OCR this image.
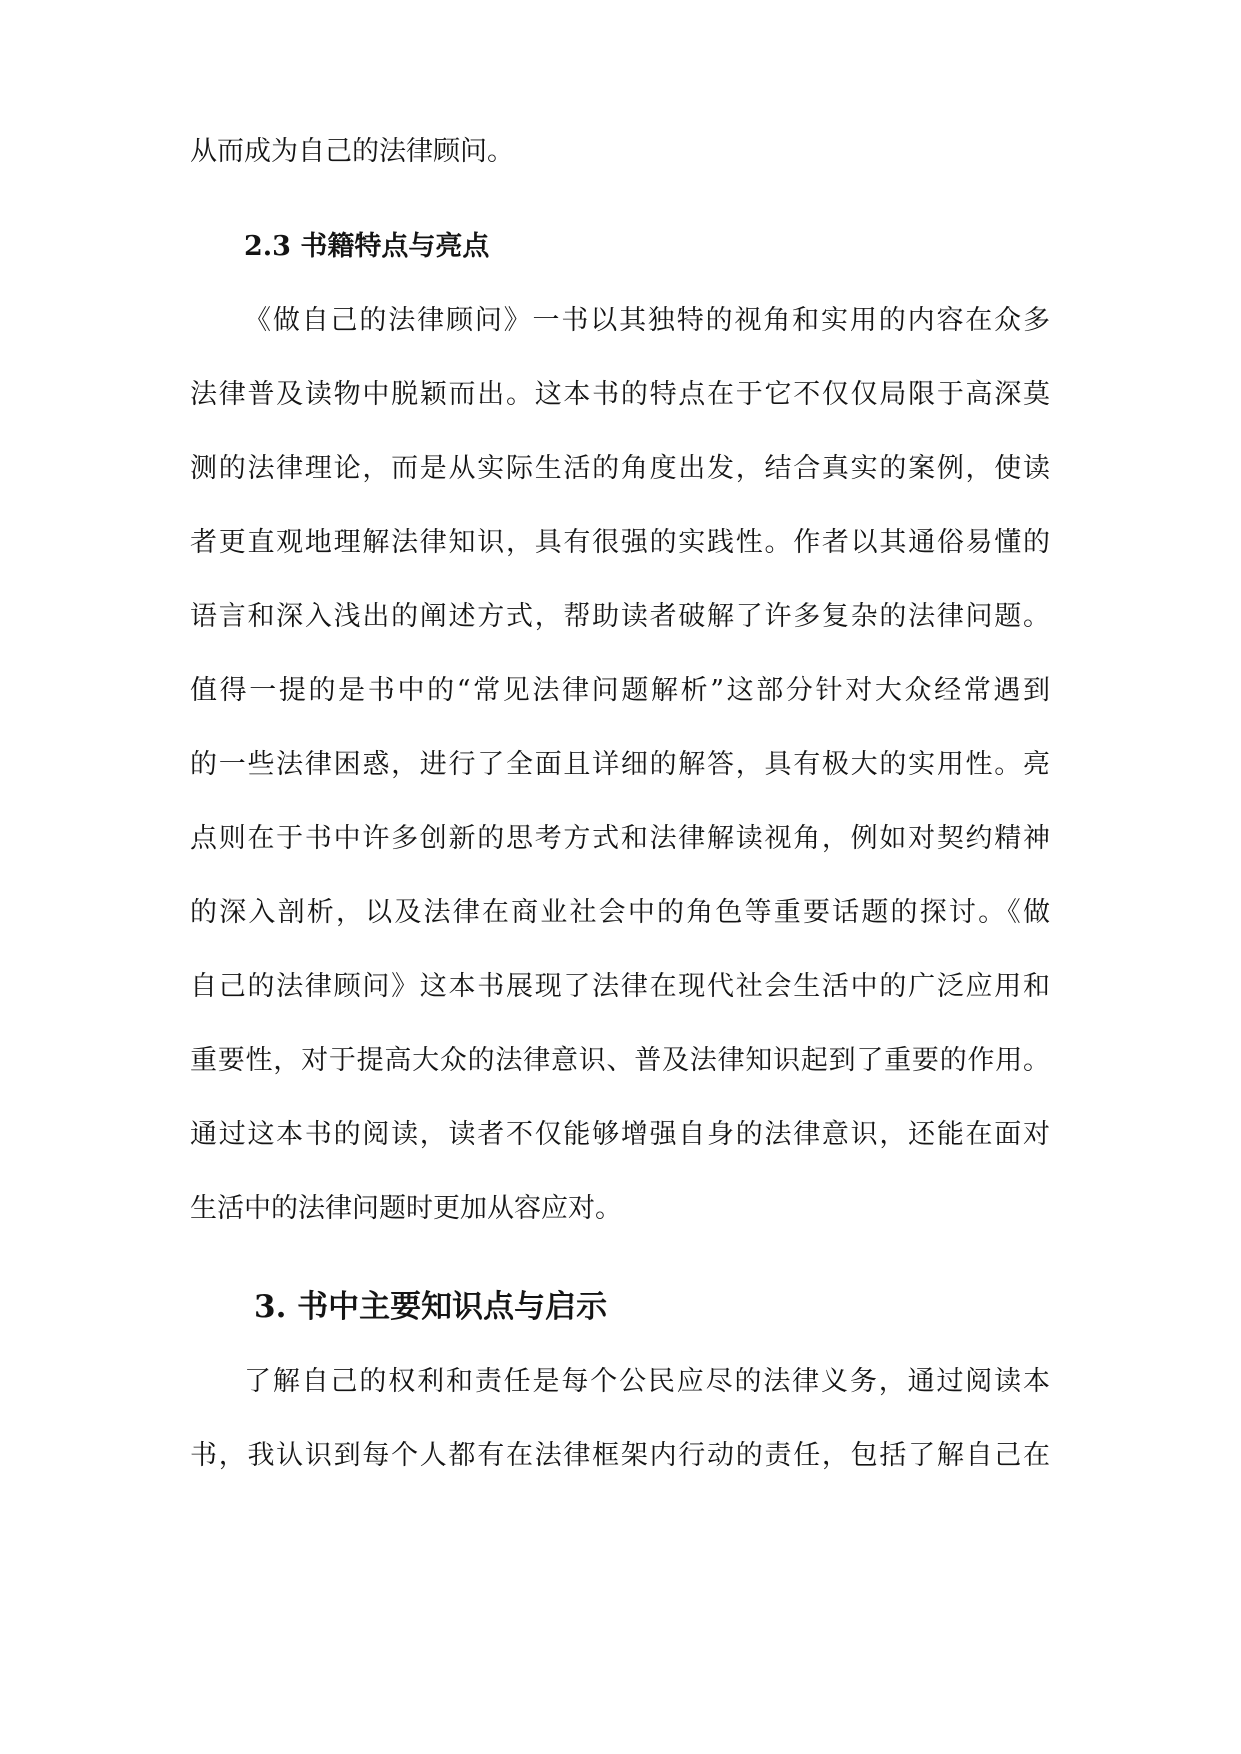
从而成为自己的法律顾问。
2.3 书籍特点与亮点
《做自己的法律顾问》一书以其独特的视角和实用的内容在众多
法律普及读物中脱颖而出。这本书的特点在于它不仅仅局限于高深莫
测的法律理论，而是从实际生活的角度出发，结合真实的案例，使读
者更直观地理解法律知识，具有很强的实践性。作者以其通俗易懂的
语言和深入浅出的阐述方式，帮助读者破解了许多复杂的法律问题。
值得一提的是书中的“常见法律问题解析”这部分针对大众经常遇到
的一些法律困惑，进行了全面且详细的解答，具有极大的实用性。亮
点则在于书中许多创新的思考方式和法律解读视角，例如对契约精神
的深入剖析，以及法律在商业社会中的角色等重要话题的探讨。《做
自己的法律顾问》这本书展现了法律在现代社会生活中的广泛应用和
重要性，对于提高大众的法律意识、普及法律知识起到了重要的作用。
通过这本书的阅读，读者不仅能够增强自身的法律意识，还能在面对
生活中的法律问题时更加从容应对。
3. 书中主要知识点与启示
了解自己的权利和责任是每个公民应尽的法律义务，通过阅读本
书，我认识到每个人都有在法律框架内行动的责任，包括了解自己在
